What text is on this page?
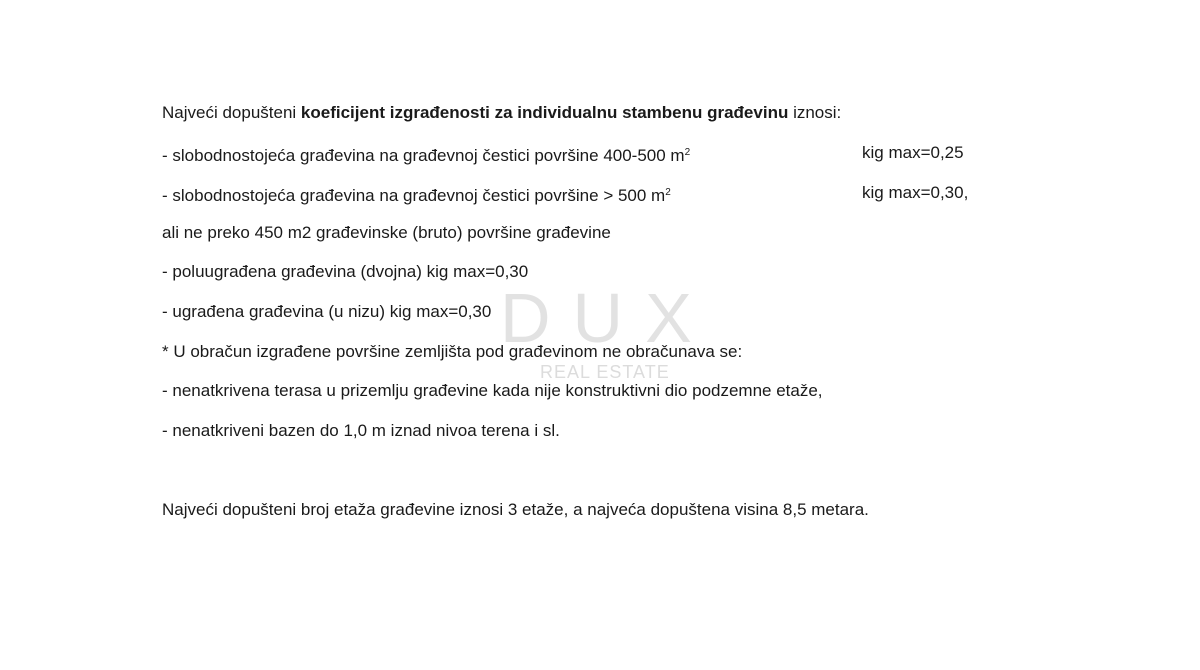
DUX
REAL ESTATE
Najveći dopušteni koeficijent izgrađenosti za individualnu stambenu građevinu iznosi:
- slobodnostojeća građevina na građevnoj čestici površine 400-500 $m^2$	kig max=0,25
- slobodnostojeća građevina na građevnoj čestici površine > 500 $m^2$	kig max=0,30,
ali ne preko 450 m2 građevinske (bruto) površine građevine
- poluugrađena građevina (dvojna) kig max=0,30
- ugrađena građevina (u nizu) kig max=0,30
* U obračun izgrađene površine zemljišta pod građevinom ne obračunava se:
- nenatkrivena terasa u prizemlju građevine kada nije konstruktivni dio podzemne etaže,
- nenatkriveni bazen do 1,0 m iznad nivoa terena i sl.
Najveći dopušteni broj etaža građevine iznosi 3 etaže, a najveća dopuštena visina 8,5 metara.
